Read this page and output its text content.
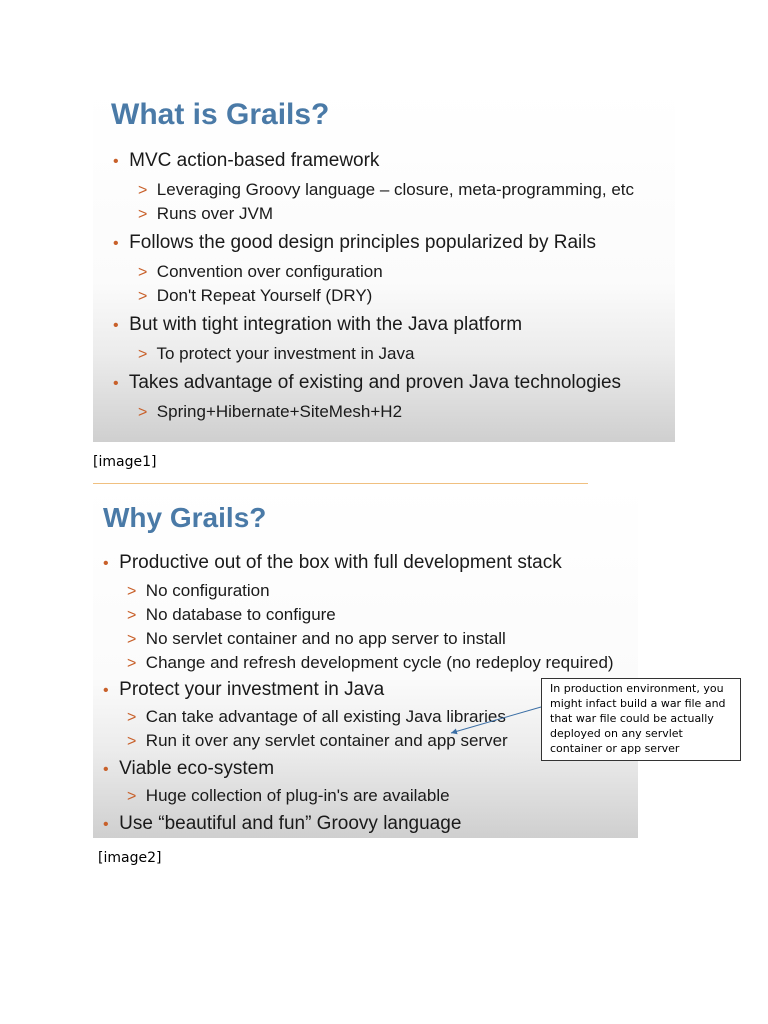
What is Grails?
• MVC action-based framework
> Leveraging Groovy language – closure, meta-programming, etc
> Runs over JVM
• Follows the good design principles popularized by Rails
> Convention over configuration
> Don't Repeat Yourself (DRY)
• But with tight integration with the Java platform
> To protect your investment in Java
• Takes advantage of existing and proven Java technologies
> Spring+Hibernate+SiteMesh+H2
[image1]
Why Grails?
• Productive out of the box with full development stack
> No configuration
> No database to configure
> No servlet container and no app server to install
> Change and refresh development cycle (no redeploy required)
• Protect your investment in Java
> Can take advantage of all existing Java libraries
> Run it over any servlet container and app server
• Viable eco-system
> Huge collection of plug-in's are available
• Use “beautiful and fun” Groovy language
In production environment, you might infact build a war file and that war file could be actually deployed on any servlet container or app server
[image2]
